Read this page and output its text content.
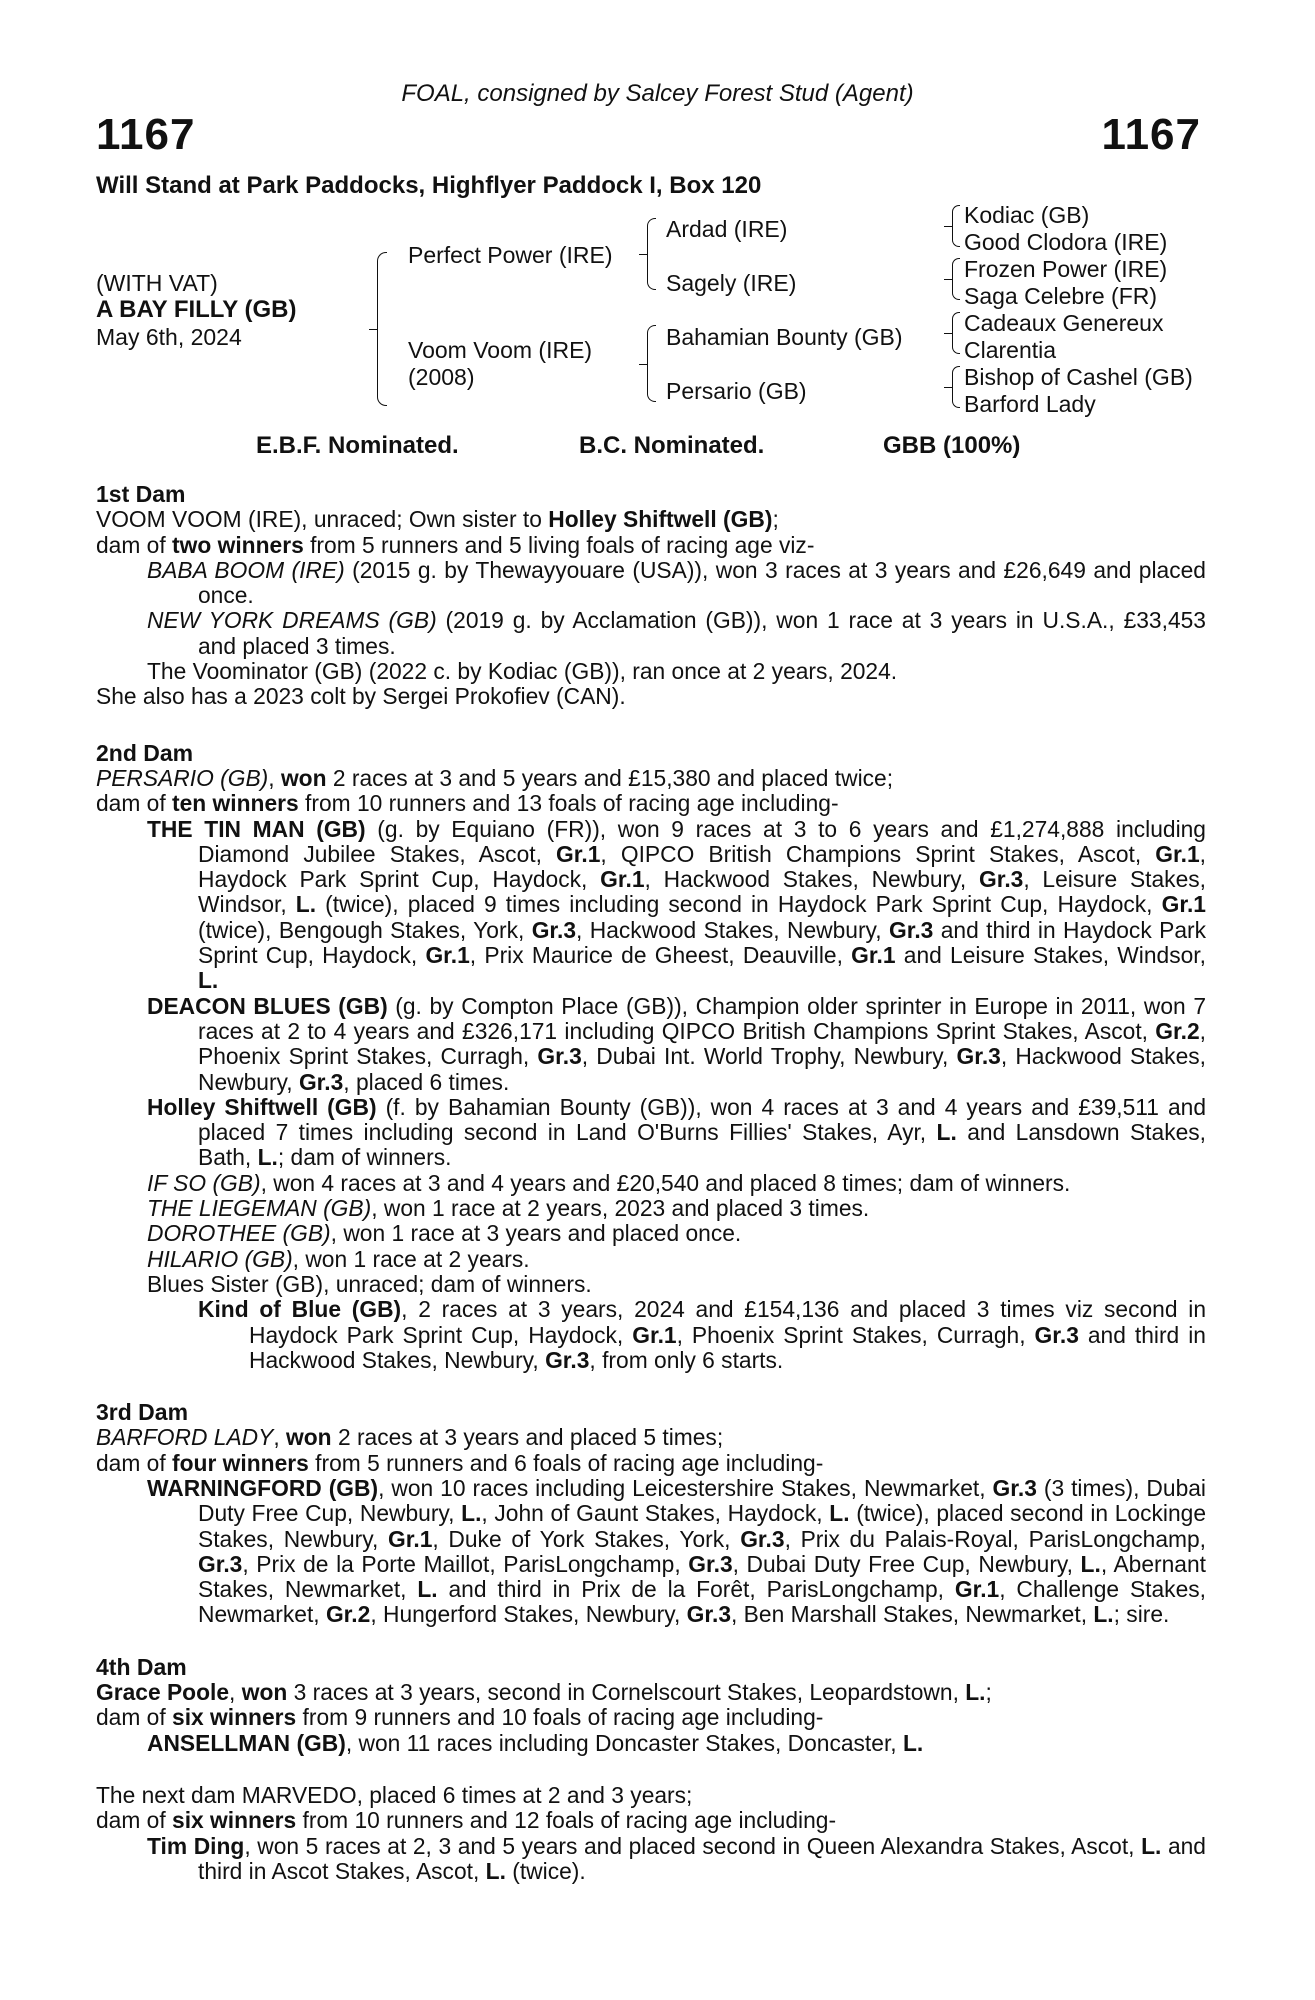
FOAL, consigned by Salcey Forest Stud (Agent)
1167	1167
Will Stand at Park Paddocks, Highflyer Paddock I, Box 120
(WITH VAT)
A BAY FILLY (GB)
May 6th, 2024
Perfect Power (IRE)
Voom Voom (IRE)
(2008)
Ardad (IRE)
Sagely (IRE)
Bahamian Bounty (GB)
Persario (GB)
Kodiac (GB)
Good Clodora (IRE)
Frozen Power (IRE)
Saga Celebre (FR)
Cadeaux Genereux
Clarentia
Bishop of Cashel (GB)
Barford Lady
E.B.F. Nominated.	B.C. Nominated.	GBB (100%)

1st Dam

VOOM VOOM (IRE), unraced; Own sister to Holley Shiftwell (GB);

dam of two winners from 5 runners and 5 living foals of racing age viz-

BABA BOOM (IRE) (2015 g. by Thewayyouare (USA)), won 3 races at 3 years and £26,649 and placed once.

NEW YORK DREAMS (GB) (2019 g. by Acclamation (GB)), won 1 race at 3 years in U.S.A., £33,453 and placed 3 times.

The Voominator (GB) (2022 c. by Kodiac (GB)), ran once at 2 years, 2024.

She also has a 2023 colt by Sergei Prokofiev (CAN).

2nd Dam

PERSARIO (GB), won 2 races at 3 and 5 years and £15,380 and placed twice;

dam of ten winners from 10 runners and 13 foals of racing age including-

THE TIN MAN (GB) (g. by Equiano (FR)), won 9 races at 3 to 6 years and £1,274,888 including Diamond Jubilee Stakes, Ascot, Gr.1, QIPCO British Champions Sprint Stakes, Ascot, Gr.1, Haydock Park Sprint Cup, Haydock, Gr.1, Hackwood Stakes, Newbury, Gr.3, Leisure Stakes, Windsor, L. (twice), placed 9 times including second in Haydock Park Sprint Cup, Haydock, Gr.1 (twice), Bengough Stakes, York, Gr.3, Hackwood Stakes, Newbury, Gr.3 and third in Haydock Park Sprint Cup, Haydock, Gr.1, Prix Maurice de Gheest, Deauville, Gr.1 and Leisure Stakes, Windsor, L.

DEACON BLUES (GB) (g. by Compton Place (GB)), Champion older sprinter in Europe in 2011, won 7 races at 2 to 4 years and £326,171 including QIPCO British Champions Sprint Stakes, Ascot, Gr.2, Phoenix Sprint Stakes, Curragh, Gr.3, Dubai Int. World Trophy, Newbury, Gr.3, Hackwood Stakes, Newbury, Gr.3, placed 6 times.

Holley Shiftwell (GB) (f. by Bahamian Bounty (GB)), won 4 races at 3 and 4 years and £39,511 and placed 7 times including second in Land O'Burns Fillies' Stakes, Ayr, L. and Lansdown Stakes, Bath, L.; dam of winners.

IF SO (GB), won 4 races at 3 and 4 years and £20,540 and placed 8 times; dam of winners.

THE LIEGEMAN (GB), won 1 race at 2 years, 2023 and placed 3 times.

DOROTHEE (GB), won 1 race at 3 years and placed once.

HILARIO (GB), won 1 race at 2 years.

Blues Sister (GB), unraced; dam of winners.

Kind of Blue (GB), 2 races at 3 years, 2024 and £154,136 and placed 3 times viz second in Haydock Park Sprint Cup, Haydock, Gr.1, Phoenix Sprint Stakes, Curragh, Gr.3 and third in Hackwood Stakes, Newbury, Gr.3, from only 6 starts.

3rd Dam

BARFORD LADY, won 2 races at 3 years and placed 5 times;

dam of four winners from 5 runners and 6 foals of racing age including-

WARNINGFORD (GB), won 10 races including Leicestershire Stakes, Newmarket, Gr.3 (3 times), Dubai Duty Free Cup, Newbury, L., John of Gaunt Stakes, Haydock, L. (twice), placed second in Lockinge Stakes, Newbury, Gr.1, Duke of York Stakes, York, Gr.3, Prix du Palais-Royal, ParisLongchamp, Gr.3, Prix de la Porte Maillot, ParisLongchamp, Gr.3, Dubai Duty Free Cup, Newbury, L., Abernant Stakes, Newmarket, L. and third in Prix de la Forêt, ParisLongchamp, Gr.1, Challenge Stakes, Newmarket, Gr.2, Hungerford Stakes, Newbury, Gr.3, Ben Marshall Stakes, Newmarket, L.; sire.

4th Dam

Grace Poole, won 3 races at 3 years, second in Cornelscourt Stakes, Leopardstown, L.;

dam of six winners from 9 runners and 10 foals of racing age including-

ANSELLMAN (GB), won 11 races including Doncaster Stakes, Doncaster, L.

The next dam MARVEDO, placed 6 times at 2 and 3 years;

dam of six winners from 10 runners and 12 foals of racing age including-

Tim Ding, won 5 races at 2, 3 and 5 years and placed second in Queen Alexandra Stakes, Ascot, L. and third in Ascot Stakes, Ascot, L. (twice).
